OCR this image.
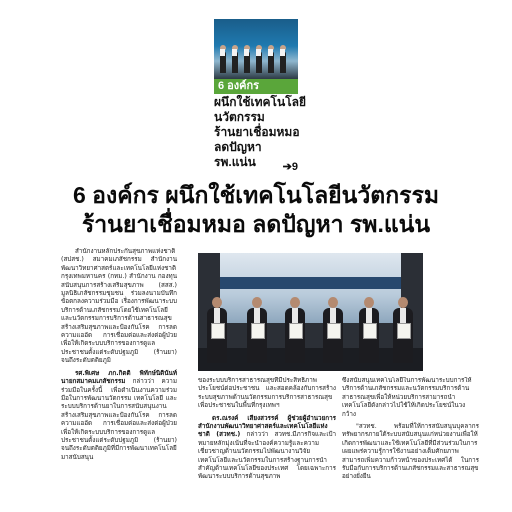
6 องค์กร
ผนึกใช้เทคโนโลยี
นวัตกรรม
ร้านยาเชื่อมหมอ
ลดปัญหา
รพ.แน่น	➔9
6 องค์กร ผนึกใช้เทคโนโลยีนวัตกรรม
ร้านยาเชื่อมหมอ ลดปัญหา รพ.แน่น

สำนักงานหลักประกันสุขภาพแห่งชาติ (สปสช.) สมาคมเภสัชกรรม สำนักงานพัฒนาวิทยาศาสตร์และเทคโนโลยีแห่งชาติ กรุงเทพมหานคร (กทม.) สำนักงาน กองทุนสนับสนุนการสร้างเสริมสุขภาพ (สสส.) มูลนิธิเภสัชกรรมชุมชน ร่วมลงนามบันทึกข้อตกลงความร่วมมือ เรื่องการพัฒนาระบบบริการด้านเภสัชกรรมโดยใช้เทคโนโลยีและนวัตกรรมการบริการด้านสาธารณสุข สร้างเสริมสุขภาพและป้องกันโรค การลดความแออัด การเชื่อมต่อและส่งต่อผู้ป่วย เพื่อให้เกิดระบบบริการของการดูแลประชาชนตั้งแต่ระดับปฐมภูมิ (ร้านยา) จนถึงระดับตติยภูมิ

รศ.พิเศษ ภก.กิตติ พิทักษ์นิตินันท์ นายกสมาคมเภสัชกรรม กล่าวว่า ความร่วมมือในครั้งนี้ เพื่อดำเนินงานความร่วมมือในการพัฒนานวัตกรรม เทคโนโลยี และระบบบริการด้านยาในการสนับสนุนงานสร้างเสริมสุขภาพและป้องกันโรค การลดความแออัด การเชื่อมต่อและส่งต่อผู้ป่วย เพื่อให้เกิดระบบบริการของการดูแลประชาชนตั้งแต่ระดับปฐมภูมิ (ร้านยา) จนถึงระดับตติยภูมิที่มีการพัฒนาเทคโนโลยีมาสนับสนุน

ของระบบบริการสาธารณสุขที่มีประสิทธิภาพ ประโยชน์ต่อประชาชน และสอดคล้องกับการสร้างระบบสุขภาพด้านนวัตกรรมการบริการสาธารณสุขเพื่อประชาชนในพื้นที่กรุงเทพฯ

ดร.ณรงค์ เสียงสวรรค์ ผู้ช่วยผู้อำนวยการสำนักงานพัฒนาวิทยาศาสตร์และเทคโนโลยีแห่งชาติ (สวทช.) กล่าวว่า สวทช.มีภารกิจและเป้าหมายหลักมุ่งเน้นที่จะนำองค์ความรู้และความเชี่ยวชาญด้านนวัตกรรมไปพัฒนางานวิจัยเทคโนโลยีและนวัตกรรมในการสร้างฐานการนำสำคัญด้านเทคโนโลยีของประเทศ โดยเฉพาะการพัฒนาระบบบริการด้านสุขภาพ

ซึ่งสนับสนุนเทคโนโลยีในการพัฒนาระบบการให้บริการด้านเภสัชกรรมและนวัตกรรมบริการด้านสาธารณสุขเพื่อให้หน่วยบริการสามารถนำเทคโนโลยีดังกล่าวไปใช้ให้เกิดประโยชน์ในวงกว้าง

"สวทช. พร้อมที่ให้การสนับสนุนบุคลากรทรัพยากรภายใต้ระบบสนับสนุนแก่หน่วยงานเพื่อให้เกิดการพัฒนาและใช้เทคโนโลยีที่มีส่วนร่วมในการเผยแพร่ความรู้การใช้งานอย่างเต็มศักยภาพสามารถเพิ่มความก้าวหน้าของประเทศได้ ในการรับมือกับการบริการด้านเภสัชกรรมและสาธารณสุขอย่างยั่งยืน
